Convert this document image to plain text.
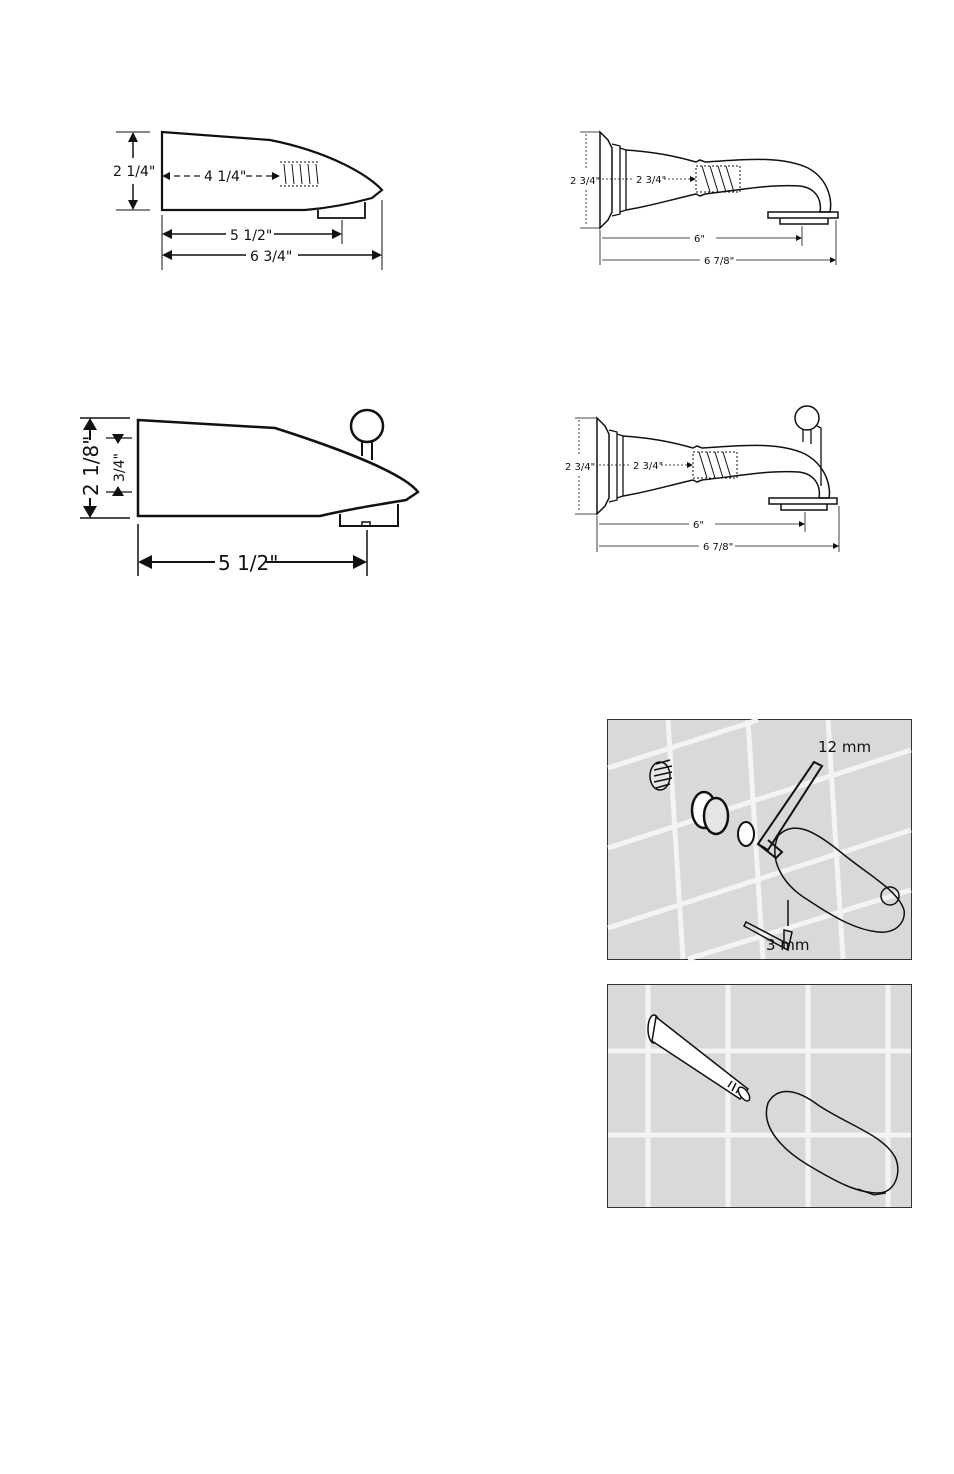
2 1/4"	4 1/4"
5 1/2"
6 3/4"
2 3/4"	2 3/4"
6"
6 7/8"
2 1/8" 3/4"
5 1/2"
2 3/4"	2 3/4"
6"
6 7/8"
12 mm
3 mm
